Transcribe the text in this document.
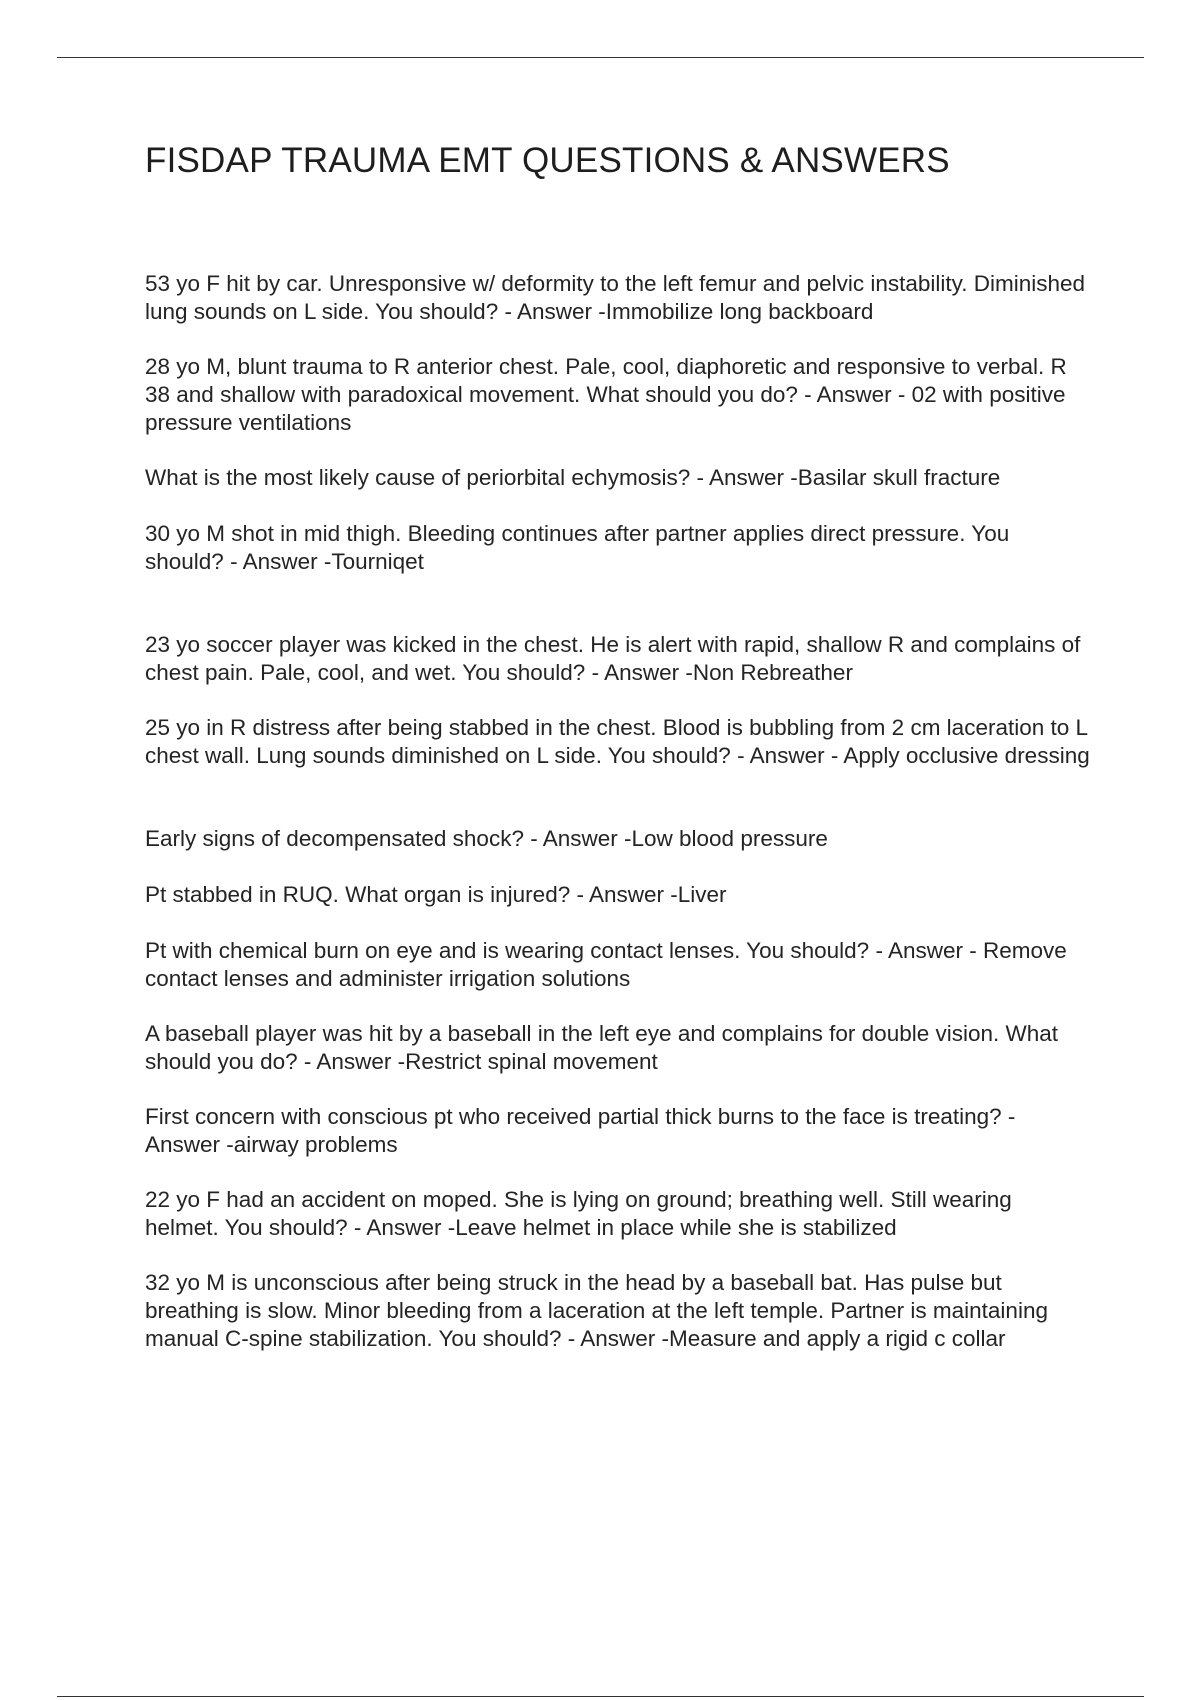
FISDAP TRAUMA EMT QUESTIONS & ANSWERS

53 yo F hit by car. Unresponsive w/ deformity to the left femur and pelvic instability. Diminished lung sounds on L side. You should? - Answer -Immobilize long backboard

28 yo M, blunt trauma to R anterior chest. Pale, cool, diaphoretic and responsive to verbal. R 38 and shallow with paradoxical movement. What should you do? - Answer - 02 with positive pressure ventilations

What is the most likely cause of periorbital echymosis? - Answer -Basilar skull fracture

30 yo M shot in mid thigh. Bleeding continues after partner applies direct pressure. You should? - Answer -Tourniqet

23 yo soccer player was kicked in the chest. He is alert with rapid, shallow R and complains of chest pain. Pale, cool, and wet. You should? - Answer -Non Rebreather

25 yo in R distress after being stabbed in the chest. Blood is bubbling from 2 cm laceration to L chest wall. Lung sounds diminished on L side. You should? - Answer - Apply occlusive dressing

Early signs of decompensated shock? - Answer -Low blood pressure

Pt stabbed in RUQ. What organ is injured? - Answer -Liver

Pt with chemical burn on eye and is wearing contact lenses. You should? - Answer - Remove contact lenses and administer irrigation solutions

A baseball player was hit by a baseball in the left eye and complains for double vision. What should you do? - Answer -Restrict spinal movement

First concern with conscious pt who received partial thick burns to the face is treating? - Answer -airway problems

22 yo F had an accident on moped. She is lying on ground; breathing well. Still wearing helmet. You should? - Answer -Leave helmet in place while she is stabilized

32 yo M is unconscious after being struck in the head by a baseball bat. Has pulse but breathing is slow. Minor bleeding from a laceration at the left temple. Partner is maintaining manual C-spine stabilization. You should? - Answer -Measure and apply a rigid c collar
